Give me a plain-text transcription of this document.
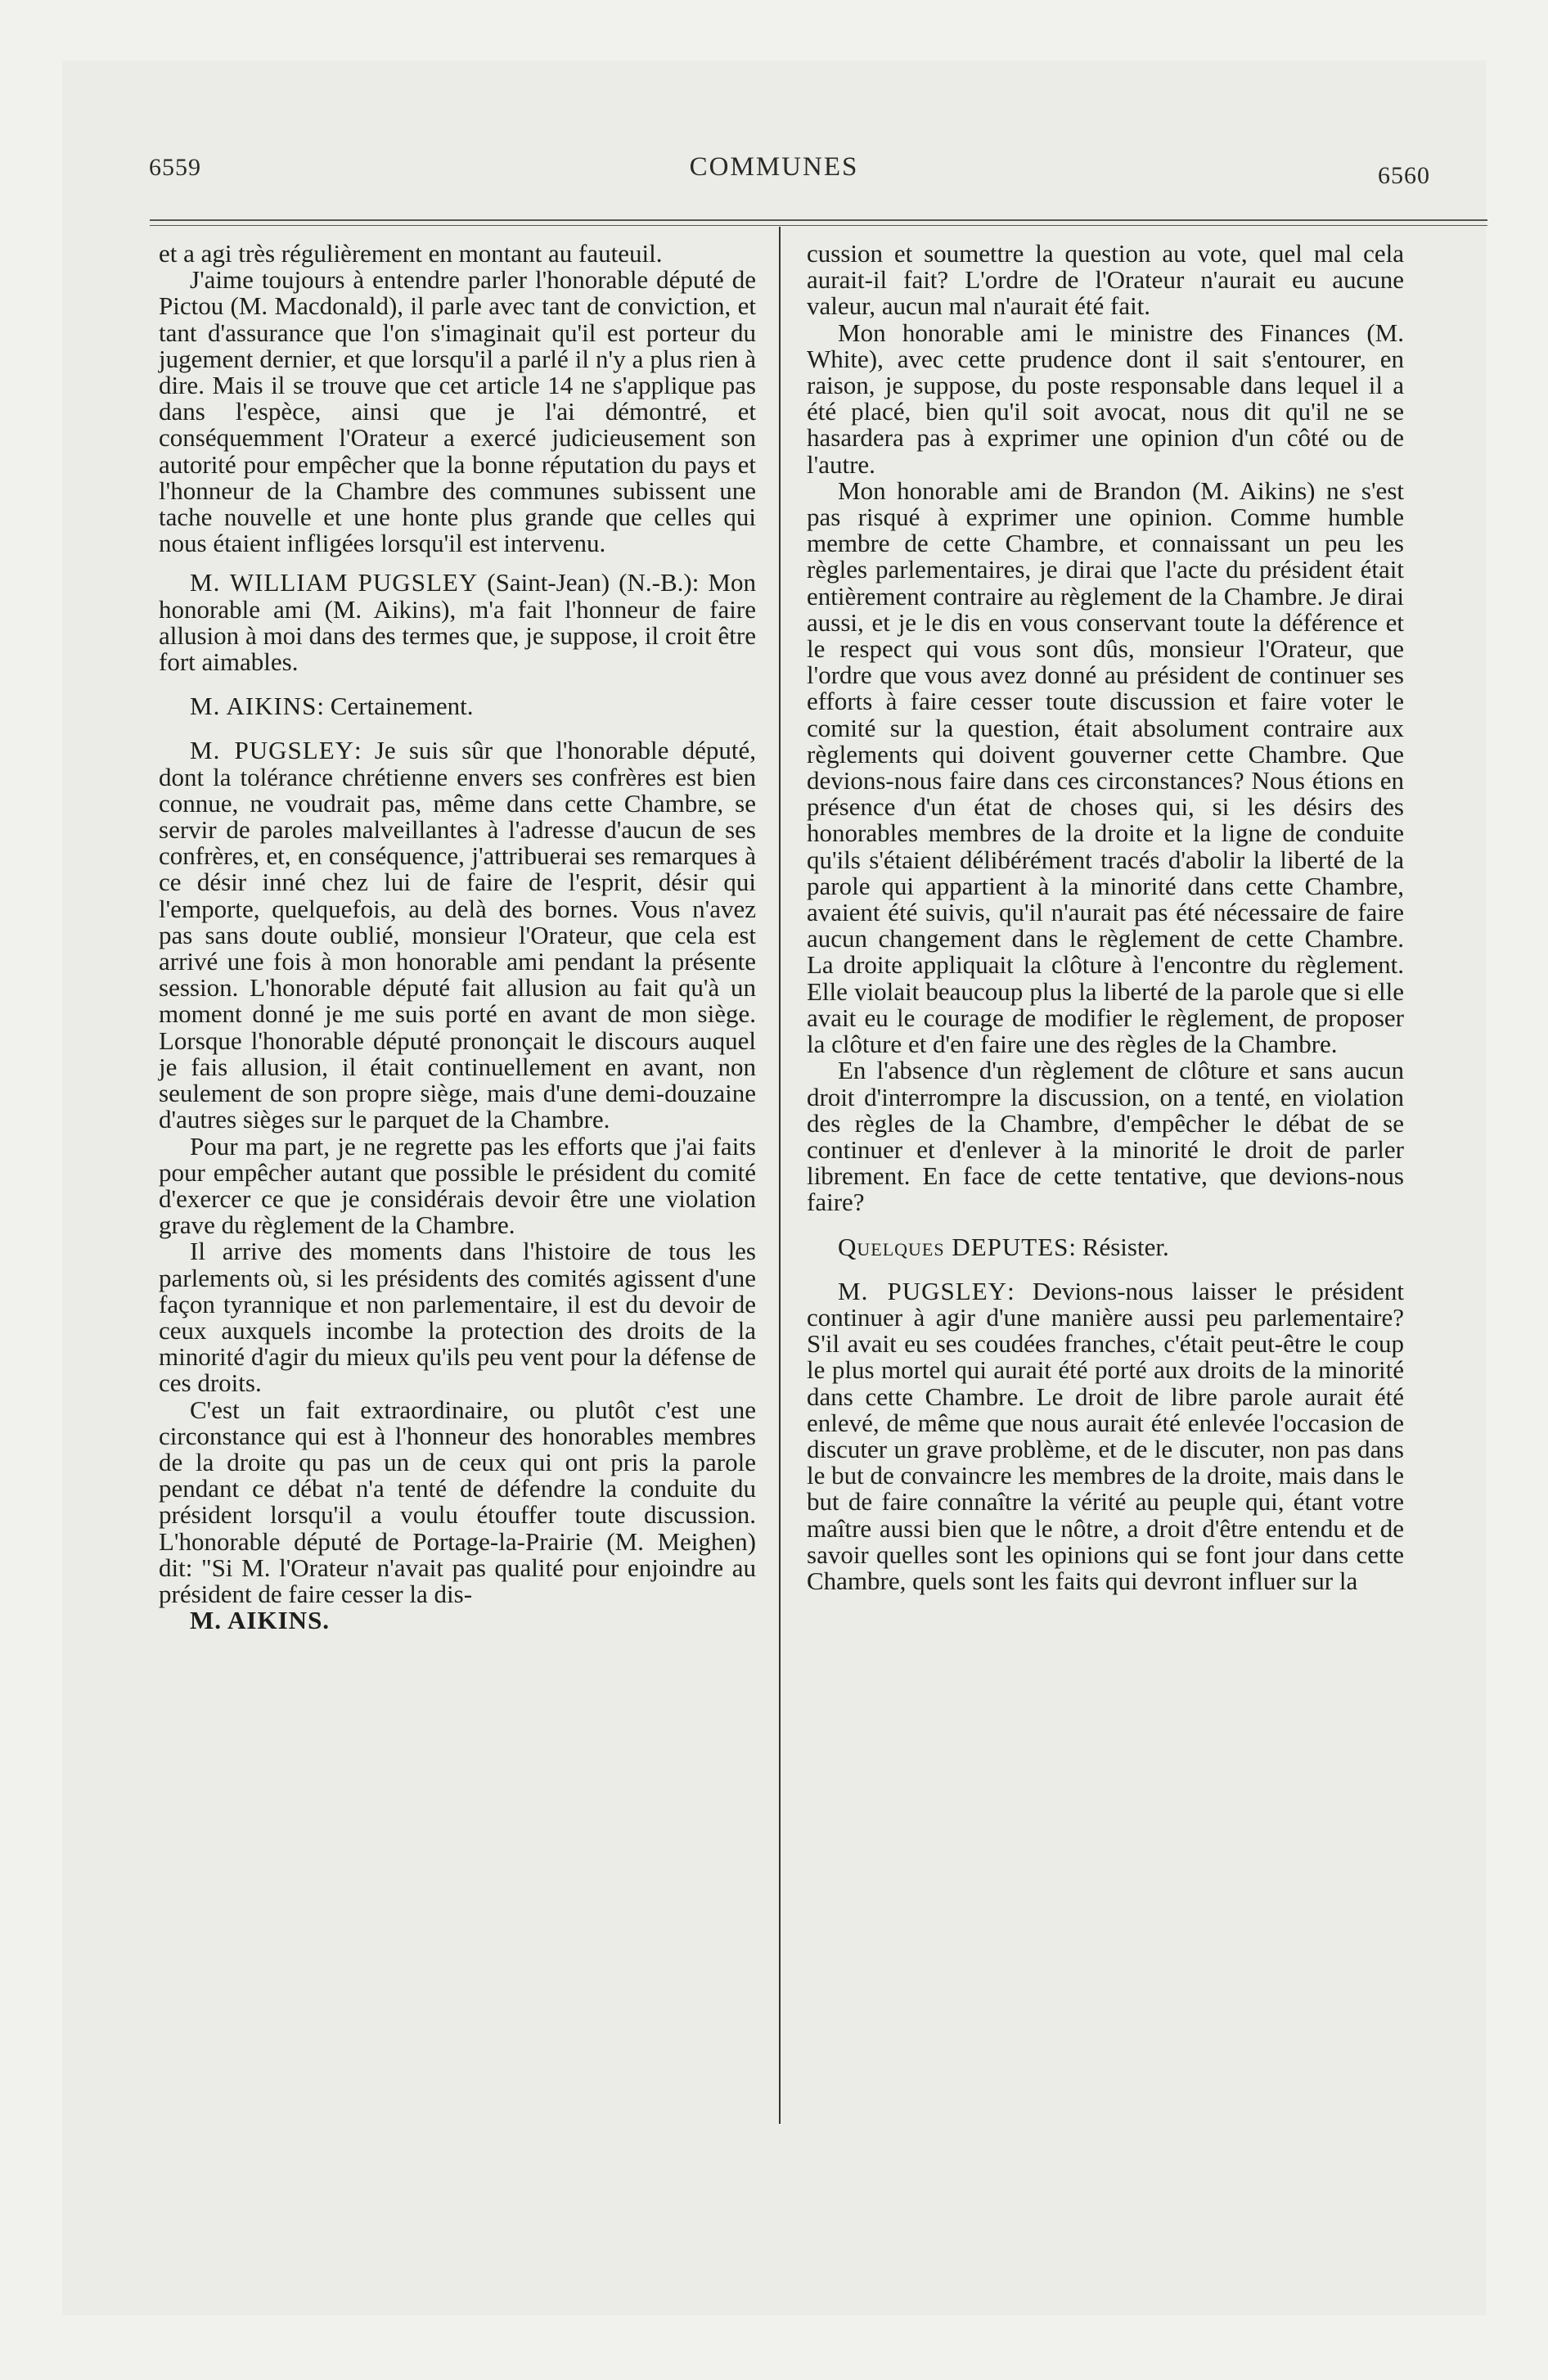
6559	COMMUNES	6560

et a agi très régulièrement en montant au fauteuil.

J'aime toujours à entendre parler l'honorable député de Pictou (M. Macdonald), il parle avec tant de conviction, et tant d'assurance que l'on s'imaginait qu'il est porteur du jugement dernier, et que lorsqu'il a parlé il n'y a plus rien à dire. Mais il se trouve que cet article 14 ne s'applique pas dans l'espèce, ainsi que je l'ai démontré, et conséquemment l'Orateur a exercé judicieusement son autorité pour empêcher que la bonne réputation du pays et l'honneur de la Chambre des communes subissent une tache nouvelle et une honte plus grande que celles qui nous étaient infligées lorsqu'il est intervenu.

M. WILLIAM PUGSLEY (Saint-Jean) (N.-B.): Mon honorable ami (M. Aikins), m'a fait l'honneur de faire allusion à moi dans des termes que, je suppose, il croit être fort aimables.

M. AIKINS: Certainement.

M. PUGSLEY: Je suis sûr que l'honorable député, dont la tolérance chrétienne envers ses confrères est bien connue, ne voudrait pas, même dans cette Chambre, se servir de paroles malveillantes à l'adresse d'aucun de ses confrères, et, en conséquence, j'attribuerai ses remarques à ce désir inné chez lui de faire de l'esprit, désir qui l'emporte, quelquefois, au delà des bornes. Vous n'avez pas sans doute oublié, monsieur l'Orateur, que cela est arrivé une fois à mon honorable ami pendant la présente session. L'honorable député fait allusion au fait qu'à un moment donné je me suis porté en avant de mon siège. Lorsque l'honorable député prononçait le discours auquel je fais allusion, il était continuellement en avant, non seulement de son propre siège, mais d'une demi-douzaine d'autres sièges sur le parquet de la Chambre.

Pour ma part, je ne regrette pas les efforts que j'ai faits pour empêcher autant que possible le président du comité d'exercer ce que je considérais devoir être une violation grave du règlement de la Chambre.

Il arrive des moments dans l'histoire de tous les parlements où, si les présidents des comités agissent d'une façon tyrannique et non parlementaire, il est du devoir de ceux auxquels incombe la protection des droits de la minorité d'agir du mieux qu'ils peu vent pour la défense de ces droits.

C'est un fait extraordinaire, ou plutôt c'est une circonstance qui est à l'honneur des honorables membres de la droite qu pas un de ceux qui ont pris la parole pendant ce débat n'a tenté de défendre la conduite du président lorsqu'il a voulu étouffer toute discussion. L'honorable député de Portage-la-Prairie (M. Meighen) dit: "Si M. l'Orateur n'avait pas qualité pour enjoindre au président de faire cesser la dis-

M. AIKINS.

cussion et soumettre la question au vote, quel mal cela aurait-il fait? L'ordre de l'Orateur n'aurait eu aucune valeur, aucun mal n'aurait été fait.

Mon honorable ami le ministre des Finances (M. White), avec cette prudence dont il sait s'entourer, en raison, je suppose, du poste responsable dans lequel il a été placé, bien qu'il soit avocat, nous dit qu'il ne se hasardera pas à exprimer une opinion d'un côté ou de l'autre.

Mon honorable ami de Brandon (M. Aikins) ne s'est pas risqué à exprimer une opinion. Comme humble membre de cette Chambre, et connaissant un peu les règles parlementaires, je dirai que l'acte du président était entièrement contraire au règlement de la Chambre. Je dirai aussi, et je le dis en vous conservant toute la déférence et le respect qui vous sont dûs, monsieur l'Orateur, que l'ordre que vous avez donné au président de continuer ses efforts à faire cesser toute discussion et faire voter le comité sur la question, était absolument contraire aux règlements qui doivent gouverner cette Chambre. Que devions-nous faire dans ces circonstances? Nous étions en présence d'un état de choses qui, si les désirs des honorables membres de la droite et la ligne de conduite qu'ils s'étaient délibérément tracés d'abolir la liberté de la parole qui appartient à la minorité dans cette Chambre, avaient été suivis, qu'il n'aurait pas été nécessaire de faire aucun changement dans le règlement de cette Chambre. La droite appliquait la clôture à l'encontre du règlement. Elle violait beaucoup plus la liberté de la parole que si elle avait eu le courage de modifier le règlement, de proposer la clôture et d'en faire une des règles de la Chambre.

En l'absence d'un règlement de clôture et sans aucun droit d'interrompre la discussion, on a tenté, en violation des règles de la Chambre, d'empêcher le débat de se continuer et d'enlever à la minorité le droit de parler librement. En face de cette tentative, que devions-nous faire?

Quelques DEPUTES: Résister.

M. PUGSLEY: Devions-nous laisser le président continuer à agir d'une manière aussi peu parlementaire? S'il avait eu ses coudées franches, c'était peut-être le coup le plus mortel qui aurait été porté aux droits de la minorité dans cette Chambre. Le droit de libre parole aurait été enlevé, de même que nous aurait été enlevée l'occasion de discuter un grave problème, et de le discuter, non pas dans le but de convaincre les membres de la droite, mais dans le but de faire connaître la vérité au peuple qui, étant votre maître aussi bien que le nôtre, a droit d'être entendu et de savoir quelles sont les opinions qui se font jour dans cette Chambre, quels sont les faits qui devront influer sur la
